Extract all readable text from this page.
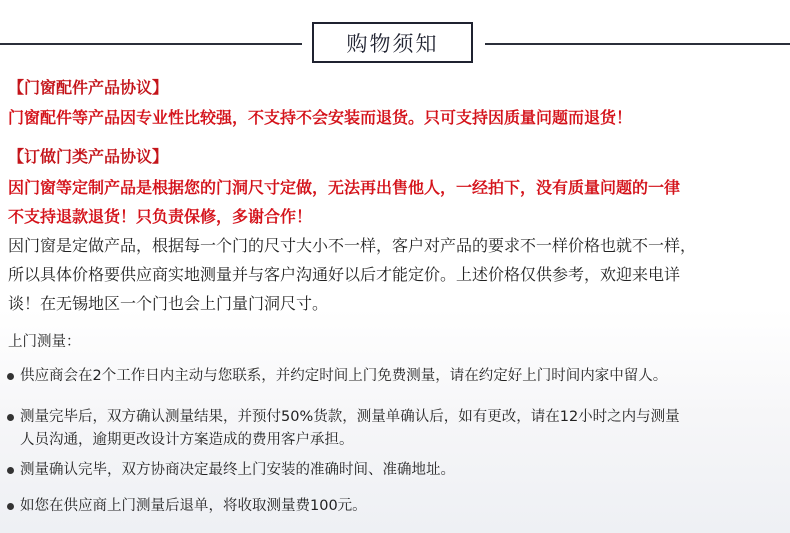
购物须知
【门窗配件产品协议】
门窗配件等产品因专业性比较强，不支持不会安装而退货。只可支持因质量问题而退货！
【订做门类产品协议】
因门窗等定制产品是根据您的门洞尺寸定做，无法再出售他人，一经拍下，没有质量问题的一律
不支持退款退货！只负责保修，多谢合作！
因门窗是定做产品，根据每一个门的尺寸大小不一样，客户对产品的要求不一样价格也就不一样，
所以具体价格要供应商实地测量并与客户沟通好以后才能定价。上述价格仅供参考，欢迎来电详
谈！在无锡地区一个门也会上门量门洞尺寸。
上门测量：
供应商会在2个工作日内主动与您联系，并约定时间上门免费测量，请在约定好上门时间内家中留人。
测量完毕后，双方确认测量结果，并预付50%货款，测量单确认后，如有更改，请在12小时之内与测量
人员沟通，逾期更改设计方案造成的费用客户承担。
测量确认完毕，双方协商决定最终上门安装的准确时间、准确地址。
如您在供应商上门测量后退单，将收取测量费100元。
